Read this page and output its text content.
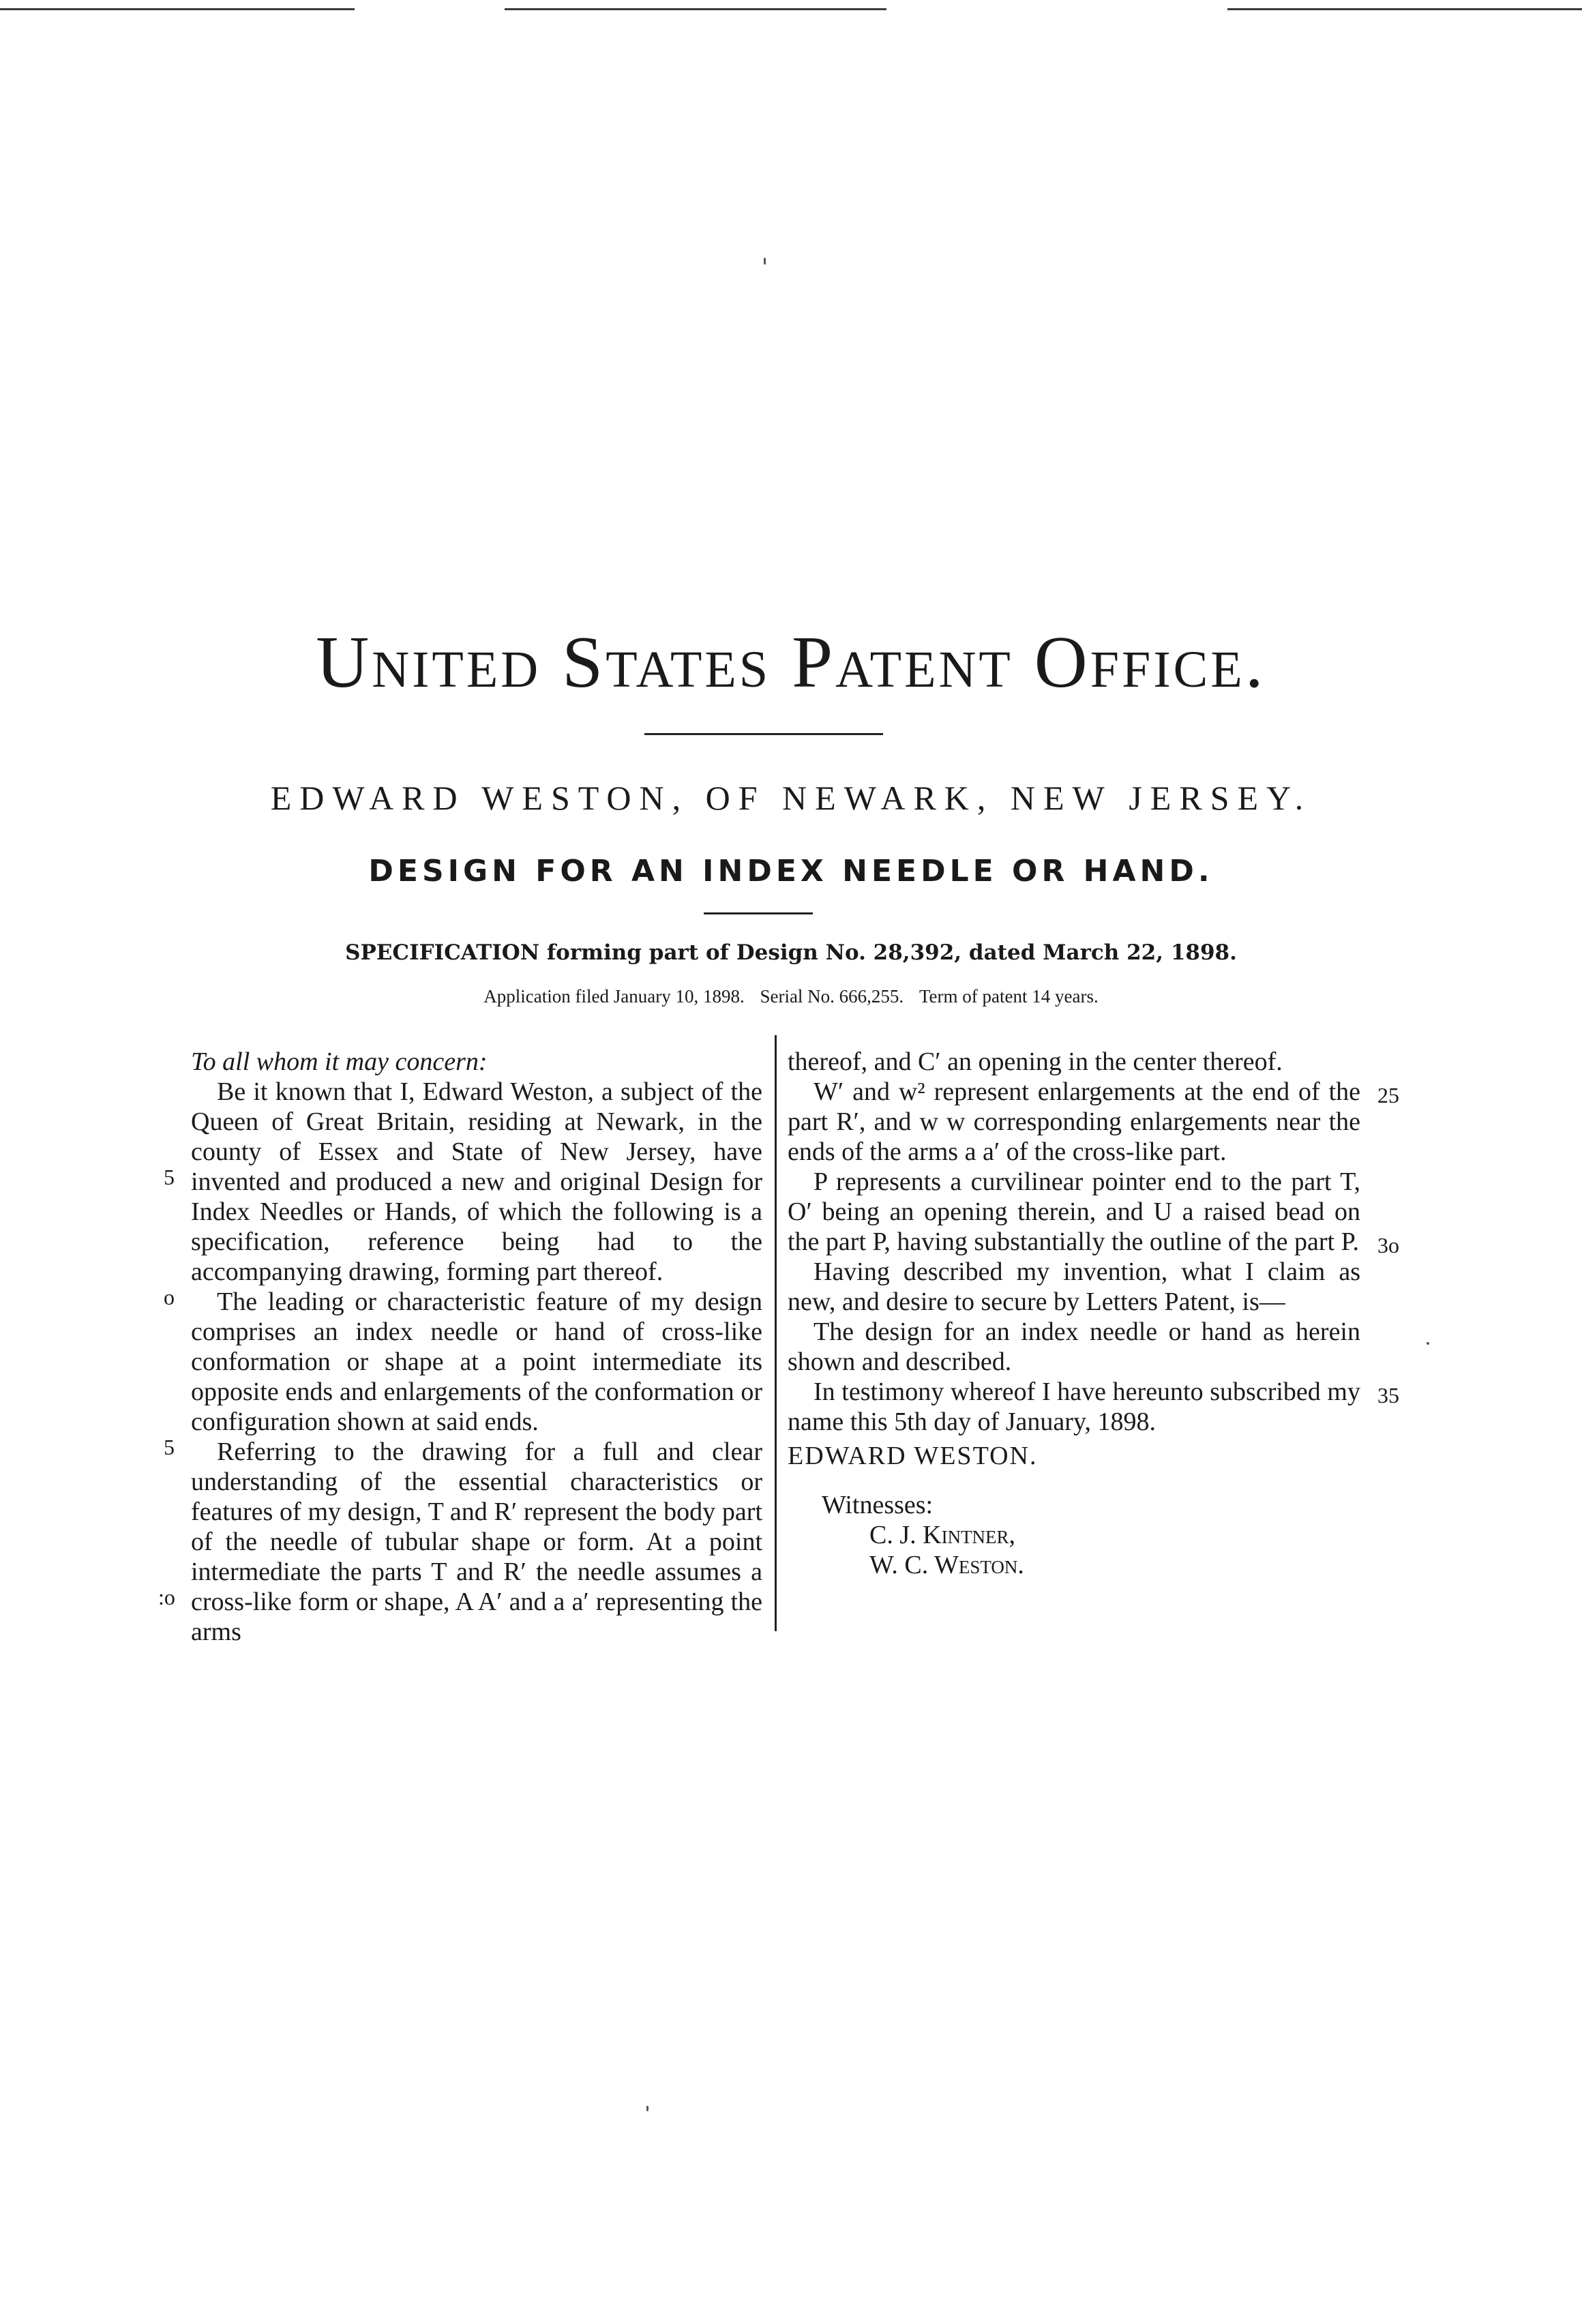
United States Patent Office.
EDWARD WESTON, OF NEWARK, NEW JERSEY.
DESIGN FOR AN INDEX NEEDLE OR HAND.
SPECIFICATION forming part of Design No. 28,392, dated March 22, 1898.
Application filed January 10, 1898. Serial No. 666,255. Term of patent 14 years.

To all whom it may concern:

Be it known that I, Edward Weston, a subject of the Queen of Great Britain, residing at Newark, in the county of Essex and State of New Jersey, have invented and produced a new and original Design for Index Needles or Hands, of which the following is a specification, reference being had to the accompanying drawing, forming part thereof.

The leading or characteristic feature of my design comprises an index needle or hand of cross-like conformation or shape at a point intermediate its opposite ends and enlargements of the conformation or configuration shown at said ends.

Referring to the drawing for a full and clear understanding of the essential characteristics or features of my design, T and R′ represent the body part of the needle of tubular shape or form. At a point intermediate the parts T and R′ the needle assumes a cross-like form or shape, A A′ and a a′ representing the arms

thereof, and C′ an opening in the center thereof.

W′ and w² represent enlargements at the end of the part R′, and w w corresponding enlargements near the ends of the arms a a′ of the cross-like part.

P represents a curvilinear pointer end to the part T, O′ being an opening therein, and U a raised bead on the part P, having substantially the outline of the part P.

Having described my invention, what I claim as new, and desire to secure by Letters Patent, is—

The design for an index needle or hand as herein shown and described.

In testimony whereof I have hereunto subscribed my name this 5th day of January, 1898.

EDWARD WESTON.

Witnesses:

C. J. Kintner,

W. C. Weston.

5
o
5
:o
25
3o
35
